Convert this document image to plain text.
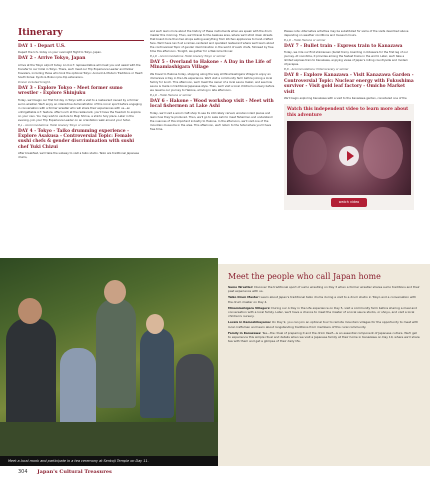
Itinerary
DAY 1 - Depart U.S.
Depart the U.S. today on your overnight flight to Tokyo, Japan.
DAY 2 - Arrive Tokyo, Japan
Arrive at the Tokyo airport today. An O.A.T. representative will meet you and assist with the transfer to our hotel in Tokyo. There, we'll meet our Trip Experience Leader and fellow travelers, including those who took the optional Tokyo: Ancient & Modern Traditions or Heart: South Korea: Kyoto & Bokuni pre-trip extensions.
Dinner included tonight.
DAY 3 - Explore Tokyo - Meet former sumo wrestler - Explore Shinjuku
Today, we'll begin our first full day in Tokyo with a visit to a restaurant owned by a former sumo wrestler. We'll enjoy an interactive demonstration of this iconic sport before engaging in conversation with a former wrestler who will share their experiences with us—an unforgettable A.T. feature. After lunch at the restaurant, you'll have the freedom to explore on your own. You may wish to venture to Meiji Shrine, a shinto holy place. Later in the evening, join your Trip Experience Leader on an orientation walk around your hotel.
B,L - Accommodations: Hotel Gracery Tokyo or similar
DAY 4 - Tokyo - Taiko drumming experience - Explore Asakusa - Controversial Topic: Female sushi chefs & gender discrimination with sushi chef Yuki Chizui
After breakfast, we'll take the subway to visit a taiko studio. Taiko are traditional Japanese drums,
and we'll learn more about the history of these instruments when we speak with the drum master this morning. Then, we'll travel to the Asakusa area, where we'll stroll down streets that boast more than two shops selling everything from kitchen appliances to hand-crafted fans. We'll have lunch at a ramen-centered and operated restaurant where we'll learn about the controversial Topic of gender discrimination in the world of sushi chefs, followed by free time this afternoon. Tonight, we gather for a Welcome Dinner.
B,L,D - Accommodations: Hotel Gracery Tokyo or similar
DAY 5 - Overland to Hakone - A Day in the Life of Minamiashigara Village
We travel to Hakone today, stopping along the way at Minamiashigara Village to enjoy an immersive A Day in the Life experience. We'll visit a community farm before joining a local family for lunch. This afternoon, we'll meet the owner of a local sauce maker, and see how sauce is made in traditional Japanese style. Then, we'll visit a local children's nursery before we resume our journey to Hakone, arriving in late afternoon.
B,L,D - Hotel Hakone or similar
DAY 6 - Hakone - Wood workshop visit - Meet with local fishermen at Lake Ashi
Today, we'll visit a wood craft shop to see its intricately carved, wooden inlaid pieces and learn how they're produced. Then, we'll go to Lake Ashi to meet fishermen and understand the nuances of this important industry to Hakone. In the afternoon, we'll visit one of the mountain museums in the area. This afternoon, we'll return to the hotel where you'll have free time.
Please note: Alternative activities may be substituted for some of the visits described above depending on weather conditions and museum hours.
B,L,D - Hotel Hakone or similar
DAY 7 - Bullet train - Express train to Kanazawa
Today, we ride our first shinkansen (bullet train), boarding in Odawara for the first leg of our journey. At noontime, it provides among the fastest trains in the world. Later, we'll take a limited express train to Kanazawa, enjoying views of Japan's rolling countryside and modern cityscapes.
B,D - Accommodations: Hotel Gracery or similar
DAY 8 - Explore Kanazawa - Visit Kanazawa Garden - Controversial Topic: Nuclear energy with Fukushima survivor - Visit gold leaf factory - Omicho Market visit
We'll begin exploring Kanazawa with a visit to the Kanazawa garden, considered one of the
Watch this independent video to learn more about this adventure
watch video
Meet the people who call Japan home

Sumo Wrestler: Discover the traditional sport of sumo wrestling on Day 3 when a former wrestler shares sumo traditions and their past experience with us.

Taiko Drum Master: Learn about Japan's traditional taiko drums during a visit to a drum studio in Tokyo and a conversation with the drum master on Day 4.

Minamiashigara Villagers: During our A Day in the Life experience on Day 5, visit a community farm before sharing a meal and conversation with a local family. Later, we'll have a chance to meet the master of a local sauce studio, or shoyu, and visit a local children's nursery.

Locals in Kamoshikayama: On Day 9, you can join an optional tour to remote mountain villages for the opportunity to meet with local craftsmen and learn about longstanding traditions from members of this rural community.

Family in Kanazawa: Tea—the ritual of preparing it and the drink itself—is an essential component of Japanese culture. We'll get to experience this simple ritual and details when we visit a Japanese family at their home in Kanazawa on Day 10, where we'll share tea with them and get a glimpse of their daily life.

Meet a local monk and participate in a tea ceremony at Senkoji Temple on Day 11.
304 Japan's Cultural Treasures
